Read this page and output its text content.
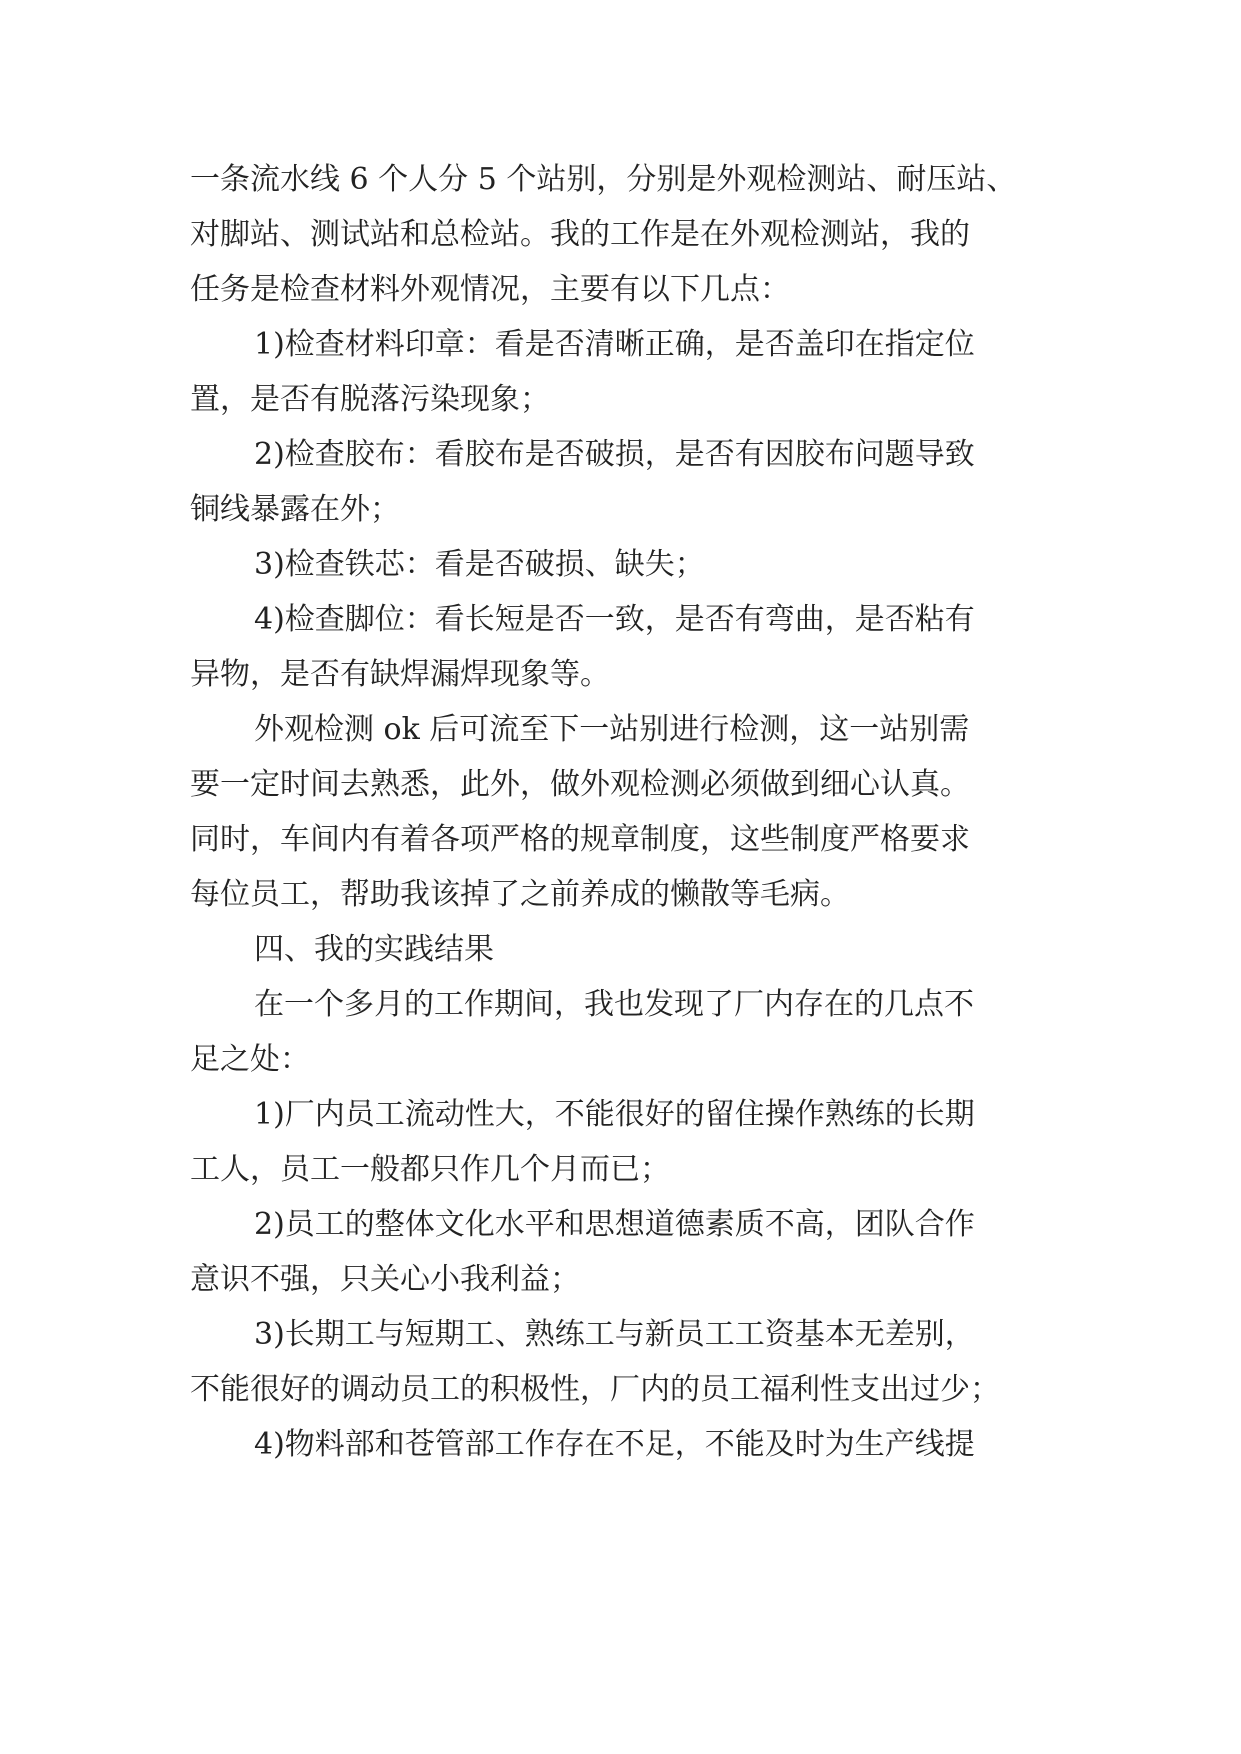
一条流水线 6 个人分 5 个站别，分别是外观检测站、耐压站、
对脚站、测试站和总检站。我的工作是在外观检测站，我的
任务是检查材料外观情况，主要有以下几点：
1)检查材料印章：看是否清晰正确，是否盖印在指定位
置，是否有脱落污染现象；
2)检查胶布：看胶布是否破损，是否有因胶布问题导致
铜线暴露在外；
3)检查铁芯：看是否破损、缺失；
4)检查脚位：看长短是否一致，是否有弯曲，是否粘有
异物，是否有缺焊漏焊现象等。
外观检测 ok 后可流至下一站别进行检测，这一站别需
要一定时间去熟悉，此外，做外观检测必须做到细心认真。
同时，车间内有着各项严格的规章制度，这些制度严格要求
每位员工，帮助我该掉了之前养成的懒散等毛病。
四、我的实践结果
在一个多月的工作期间，我也发现了厂内存在的几点不
足之处：
1)厂内员工流动性大，不能很好的留住操作熟练的长期
工人，员工一般都只作几个月而已；
2)员工的整体文化水平和思想道德素质不高，团队合作
意识不强，只关心小我利益；
3)长期工与短期工、熟练工与新员工工资基本无差别，
不能很好的调动员工的积极性，厂内的员工福利性支出过少；
4)物料部和苍管部工作存在不足，不能及时为生产线提
